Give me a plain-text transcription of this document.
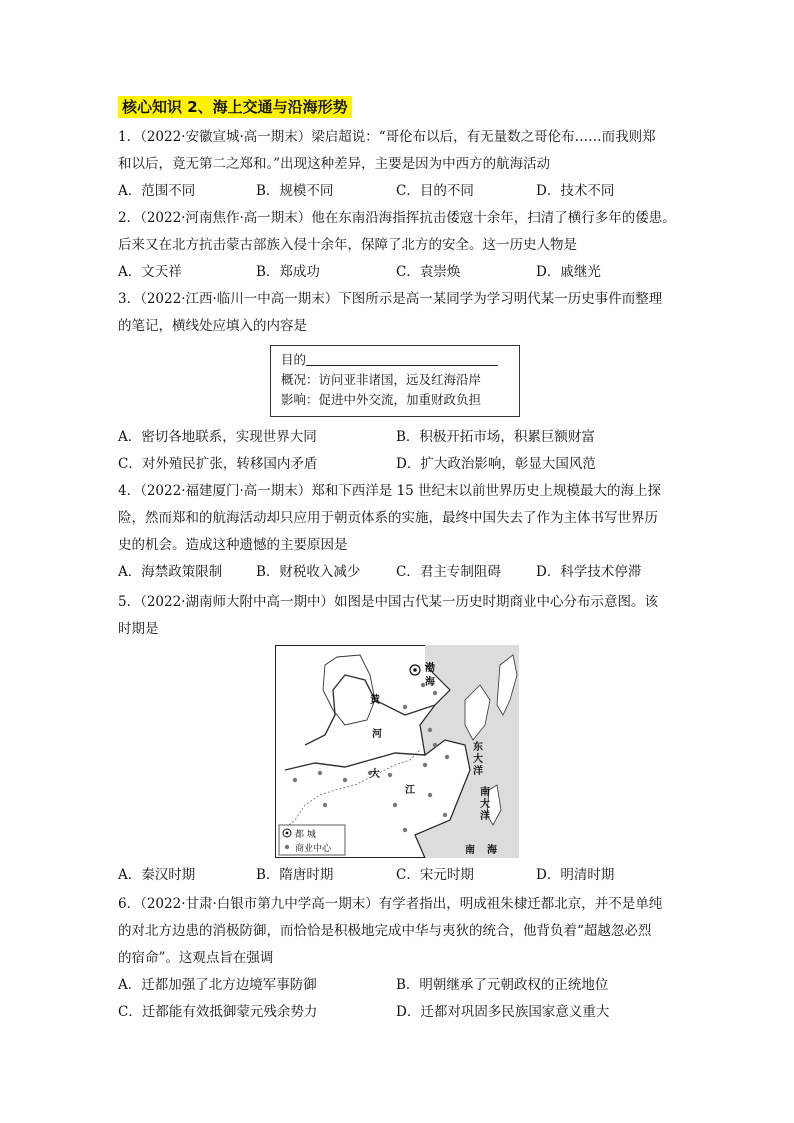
核心知识 2、海上交通与沿海形势
1．（2022·安徽宣城·高一期末）梁启超说：“哥伦布以后，有无量数之哥伦布……而我则郑
和以后，竟无第二之郑和。”出现这种差异，主要是因为中西方的航海活动
A．范围不同	B．规模不同	C．目的不同	D．技术不同
2．（2022·河南焦作·高一期末）他在东南沿海指挥抗击倭寇十余年，扫清了横行多年的倭患。
后来又在北方抗击蒙古部族入侵十余年，保障了北方的安全。这一历史人物是
A．文天祥	B．郑成功	C．袁崇焕	D．戚继光
3．（2022·江西·临川一中高一期末）下图所示是高一某同学为学习明代某一历史事件而整理
的笔记，横线处应填入的内容是
目的
概况：访问亚非诸国，远及红海沿岸
影响：促进中外交流，加重财政负担
A．密切各地联系，实现世界大同	B．积极开拓市场，积累巨额财富
C．对外殖民扩张，转移国内矛盾	D．扩大政治影响，彰显大国风范
4．（2022·福建厦门·高一期末）郑和下西洋是 15 世纪末以前世界历史上规模最大的海上探
险，然而郑和的航海活动却只应用于朝贡体系的实施，最终中国失去了作为主体书写世界历
史的机会。造成这种遗憾的主要原因是
A．海禁政策限制	B．财税收入减少	C．君主专制阻碍	D．科学技术停滞
5．（2022·湖南师大附中高一期中）如图是中国古代某一历史时期商业中心分布示意图。该
时期是
黄
河
大
江
渤
海
东
大
洋
南
大
洋
南 海
都 城
商业中心
A．秦汉时期	B．隋唐时期	C．宋元时期	D．明清时期
6．（2022·甘肃·白银市第九中学高一期末）有学者指出，明成祖朱棣迁都北京，并不是单纯
的对北方边患的消极防御，而恰恰是积极地完成中华与夷狄的统合，他背负着“超越忽必烈
的宿命”。这观点旨在强调
A．迁都加强了北方边境军事防御	B．明朝继承了元朝政权的正统地位
C．迁都能有效抵御蒙元残余势力	D．迁都对巩固多民族国家意义重大
